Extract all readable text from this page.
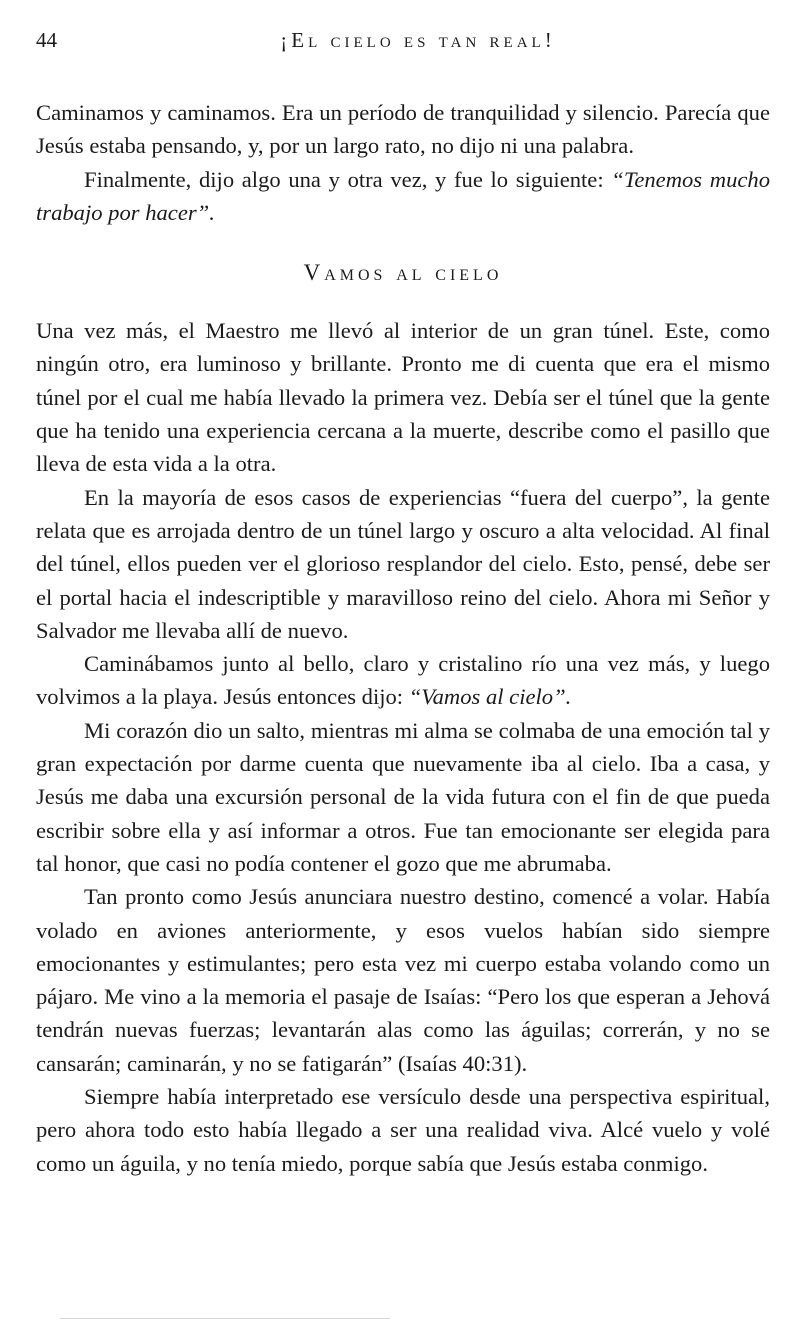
44	¡El cielo es tan real!

Caminamos y caminamos. Era un período de tranquilidad y silencio. Parecía que Jesús estaba pensando, y, por un largo rato, no dijo ni una palabra.

Finalmente, dijo algo una y otra vez, y fue lo siguiente: “Tenemos mucho trabajo por hacer”.

Vamos al cielo

Una vez más, el Maestro me llevó al interior de un gran túnel. Este, como ningún otro, era luminoso y brillante. Pronto me di cuenta que era el mismo túnel por el cual me había llevado la primera vez. Debía ser el túnel que la gente que ha tenido una experiencia cercana a la muerte, describe como el pasillo que lleva de esta vida a la otra.

En la mayoría de esos casos de experiencias “fuera del cuerpo”, la gente relata que es arrojada dentro de un túnel largo y oscuro a alta velocidad. Al final del túnel, ellos pueden ver el glorioso resplandor del cielo. Esto, pensé, debe ser el portal hacia el indescriptible y maravilloso reino del cielo. Ahora mi Señor y Salvador me llevaba allí de nuevo.

Caminábamos junto al bello, claro y cristalino río una vez más, y luego volvimos a la playa. Jesús entonces dijo: “Vamos al cielo”.

Mi corazón dio un salto, mientras mi alma se colmaba de una emoción tal y gran expectación por darme cuenta que nuevamente iba al cielo. Iba a casa, y Jesús me daba una excursión personal de la vida futura con el fin de que pueda escribir sobre ella y así informar a otros. Fue tan emocionante ser elegida para tal honor, que casi no podía contener el gozo que me abrumaba.

Tan pronto como Jesús anunciara nuestro destino, comencé a volar. Había volado en aviones anteriormente, y esos vuelos habían sido siempre emocionantes y estimulantes; pero esta vez mi cuerpo estaba volando como un pájaro. Me vino a la memoria el pasaje de Isaías: “Pero los que esperan a Jehová tendrán nuevas fuerzas; levantarán alas como las águilas; correrán, y no se cansarán; caminarán, y no se fatigarán” (Isaías 40:31).

Siempre había interpretado ese versículo desde una perspectiva espiritual, pero ahora todo esto había llegado a ser una realidad viva. Alcé vuelo y volé como un águila, y no tenía miedo, porque sabía que Jesús estaba conmigo.
